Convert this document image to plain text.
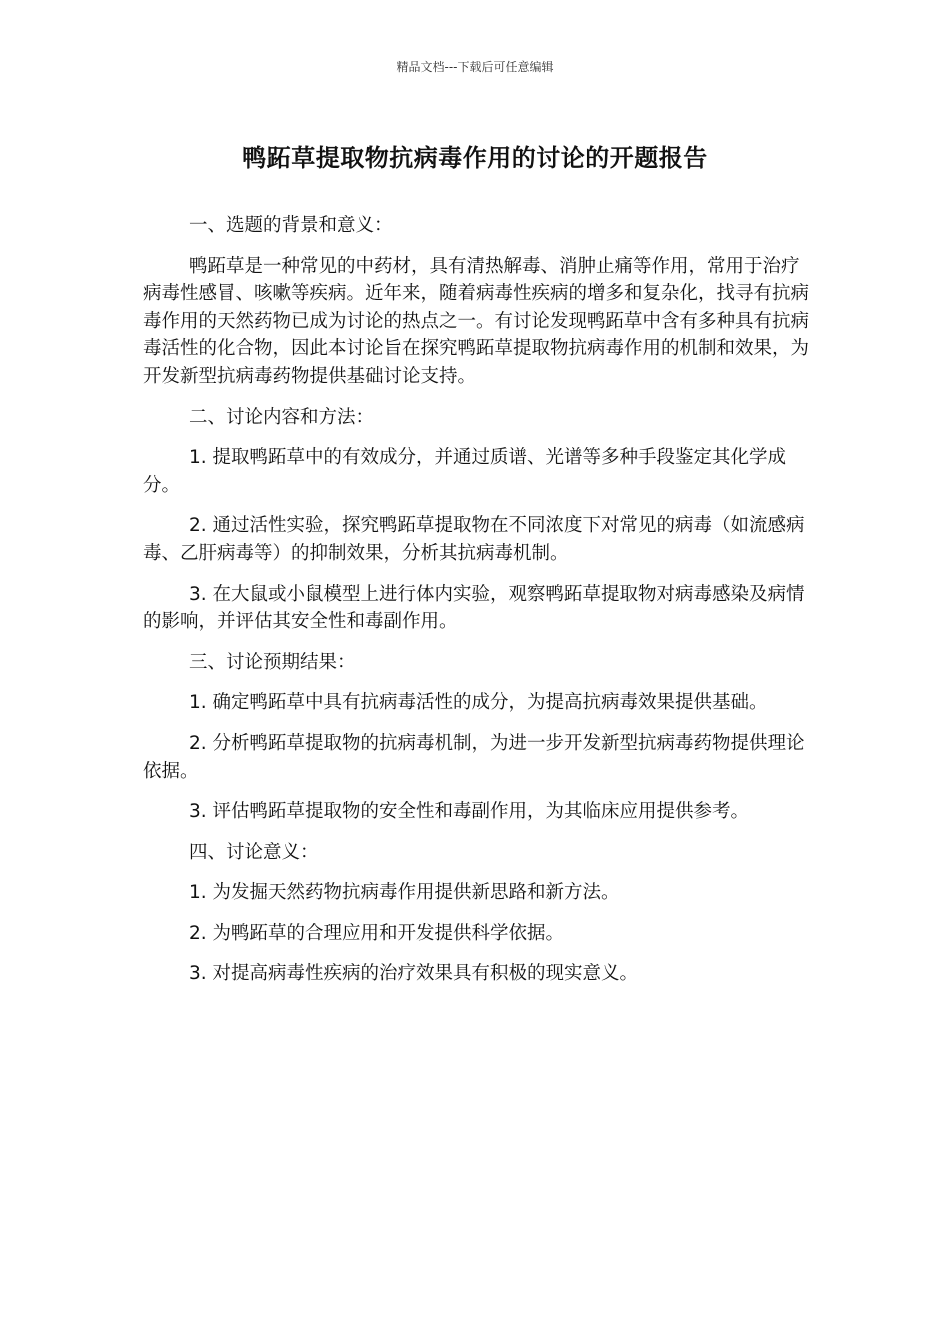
精品文档---下载后可任意编辑
鸭跖草提取物抗病毒作用的讨论的开题报告

一、选题的背景和意义：

鸭跖草是一种常见的中药材，具有清热解毒、消肿止痛等作用，常用于治疗病毒性感冒、咳嗽等疾病。近年来，随着病毒性疾病的增多和复杂化，找寻有抗病毒作用的天然药物已成为讨论的热点之一。有讨论发现鸭跖草中含有多种具有抗病毒活性的化合物，因此本讨论旨在探究鸭跖草提取物抗病毒作用的机制和效果，为开发新型抗病毒药物提供基础讨论支持。

二、讨论内容和方法：

1. 提取鸭跖草中的有效成分，并通过质谱、光谱等多种手段鉴定其化学成分。

2. 通过活性实验，探究鸭跖草提取物在不同浓度下对常见的病毒（如流感病毒、乙肝病毒等）的抑制效果，分析其抗病毒机制。

3. 在大鼠或小鼠模型上进行体内实验，观察鸭跖草提取物对病毒感染及病情的影响，并评估其安全性和毒副作用。

三、讨论预期结果：

1. 确定鸭跖草中具有抗病毒活性的成分，为提高抗病毒效果提供基础。

2. 分析鸭跖草提取物的抗病毒机制，为进一步开发新型抗病毒药物提供理论依据。

3. 评估鸭跖草提取物的安全性和毒副作用，为其临床应用提供参考。

四、讨论意义：

1. 为发掘天然药物抗病毒作用提供新思路和新方法。

2. 为鸭跖草的合理应用和开发提供科学依据。

3. 对提高病毒性疾病的治疗效果具有积极的现实意义。
